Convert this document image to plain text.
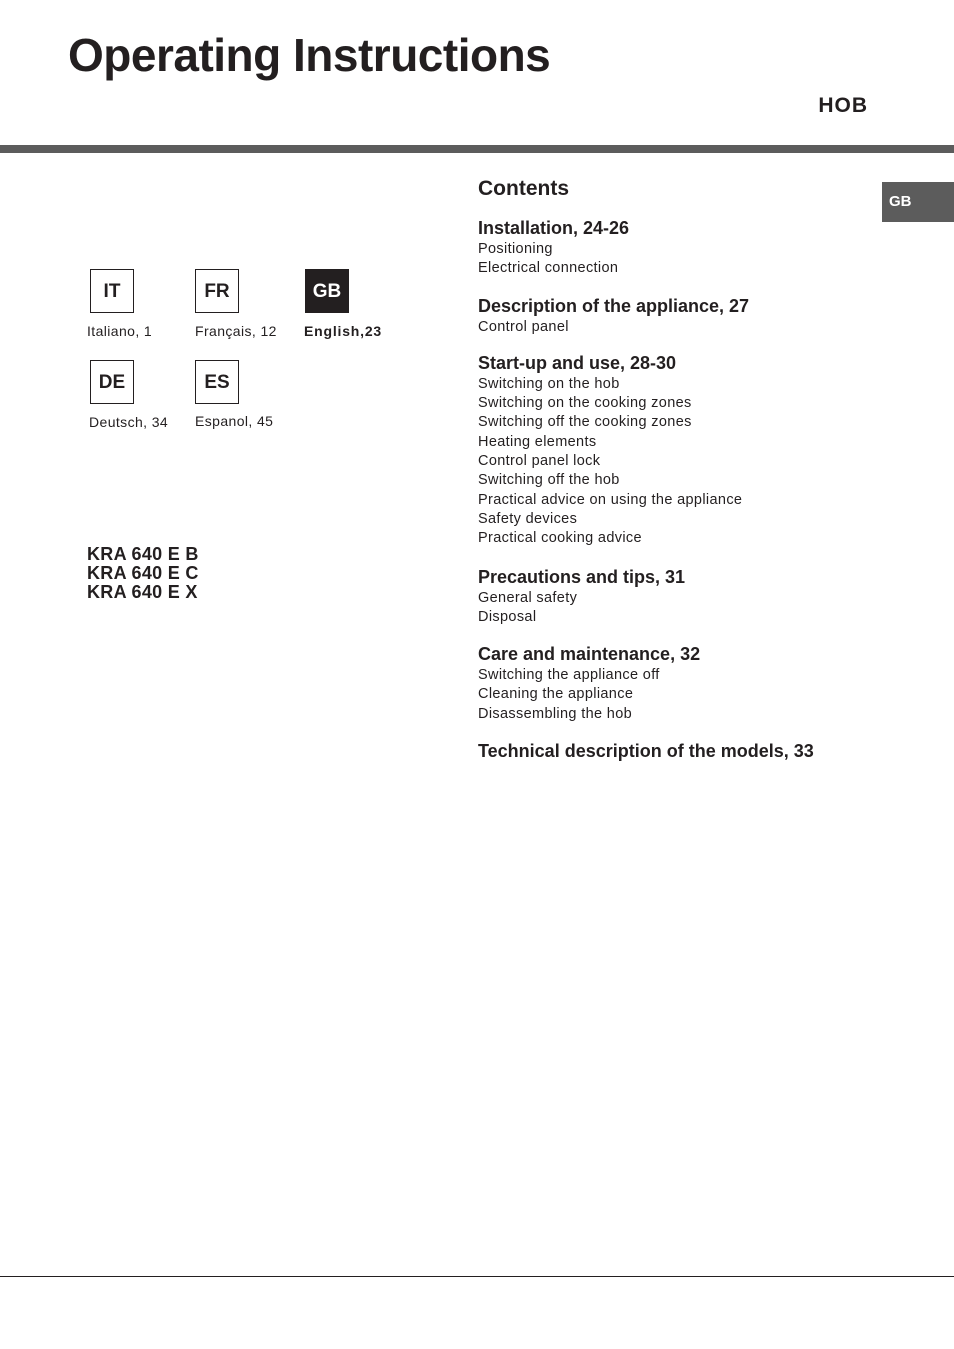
Operating Instructions
HOB
GB
IT
Italiano, 1
FR
Français, 12
GB
English,23
DE
Deutsch, 34
ES
Espanol, 45
KRA 640 E B
KRA 640 E C
KRA 640 E X
Contents
Installation, 24-26
Positioning
Electrical connection
Description of the appliance, 27
Control panel
Start-up and use, 28-30
Switching on the hob
Switching on the cooking zones
Switching off the cooking zones
Heating elements
Control panel lock
Switching off the hob
Practical advice on using the appliance
Safety devices
Practical cooking advice
Precautions and tips, 31
General safety
Disposal
Care and maintenance, 32
Switching the appliance off
Cleaning the appliance
Disassembling the hob
Technical description of the models, 33
